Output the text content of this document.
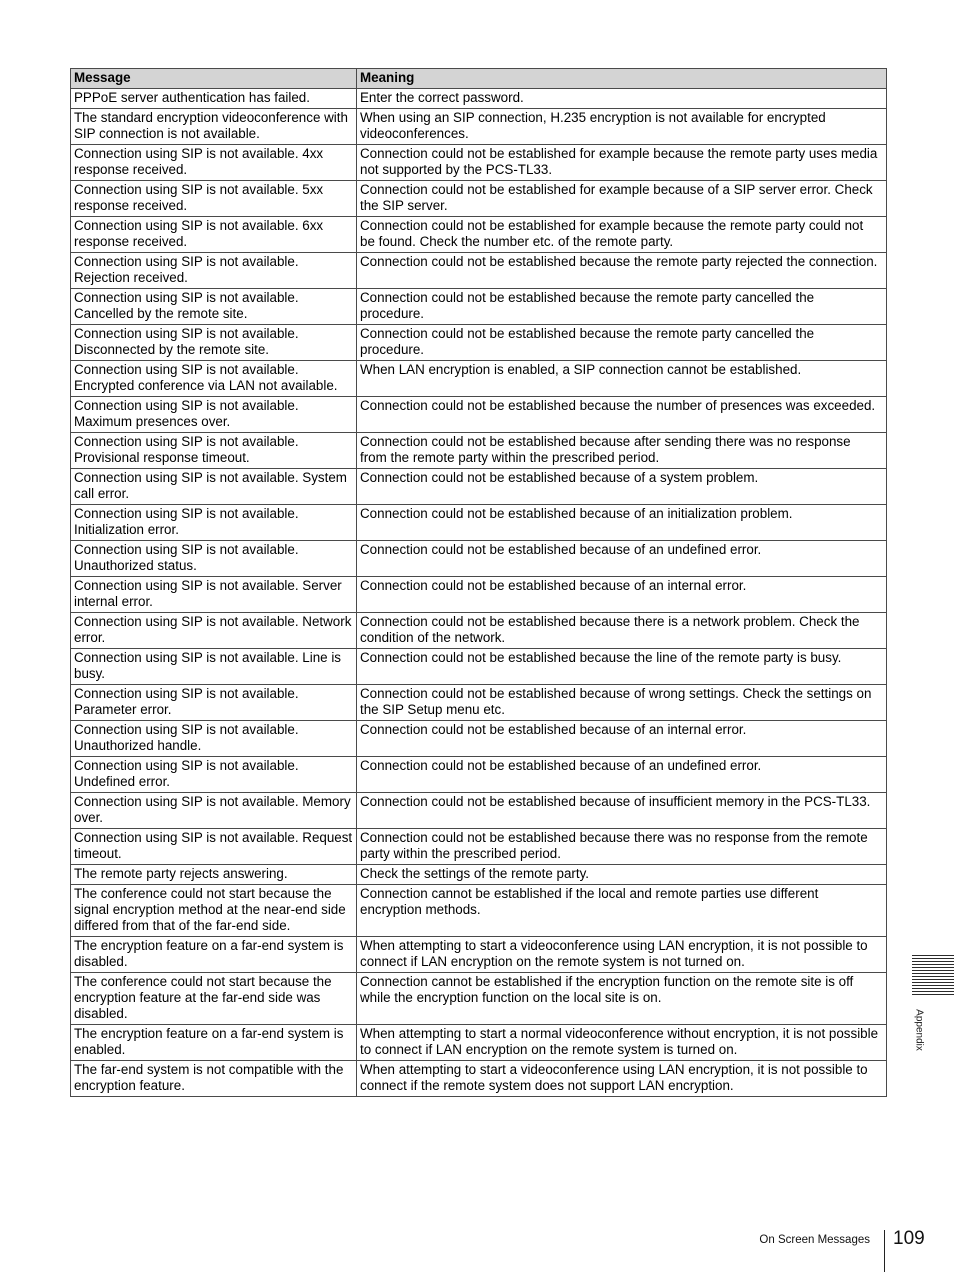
Message	Meaning
PPPoE server authentication has failed.	Enter the correct password.
The standard encryption videoconference with SIP connection is not available.	When using an SIP connection, H.235 encryption is not available for encrypted videoconferences.
Connection using SIP is not available. 4xx response received.	Connection could not be established for example because the remote party uses media not supported by the PCS-TL33.
Connection using SIP is not available. 5xx response received.	Connection could not be established for example because of a SIP server error. Check the SIP server.
Connection using SIP is not available. 6xx response received.	Connection could not be established for example because the remote party could not be found. Check the number etc. of the remote party.
Connection using SIP is not available. Rejection received.	Connection could not be established because the remote party rejected the connection.
Connection using SIP is not available. Cancelled by the remote site.	Connection could not be established because the remote party cancelled the procedure.
Connection using SIP is not available. Disconnected by the remote site.	Connection could not be established because the remote party cancelled the procedure.
Connection using SIP is not available. Encrypted conference via LAN not available.	When LAN encryption is enabled, a SIP connection cannot be established.
Connection using SIP is not available. Maximum presences over.	Connection could not be established because the number of presences was exceeded.
Connection using SIP is not available. Provisional response timeout.	Connection could not be established because after sending there was no response from the remote party within the prescribed period.
Connection using SIP is not available. System call error.	Connection could not be established because of a system problem.
Connection using SIP is not available. Initialization error.	Connection could not be established because of an initialization problem.
Connection using SIP is not available. Unauthorized status.	Connection could not be established because of an undefined error.
Connection using SIP is not available. Server internal error.	Connection could not be established because of an internal error.
Connection using SIP is not available. Network error.	Connection could not be established because there is a network problem. Check the condition of the network.
Connection using SIP is not available. Line is busy.	Connection could not be established because the line of the remote party is busy.
Connection using SIP is not available. Parameter error.	Connection could not be established because of wrong settings. Check the settings on the SIP Setup menu etc.
Connection using SIP is not available. Unauthorized handle.	Connection could not be established because of an internal error.
Connection using SIP is not available. Undefined error.	Connection could not be established because of an undefined error.
Connection using SIP is not available. Memory over.	Connection could not be established because of insufficient memory in the PCS-TL33.
Connection using SIP is not available. Request timeout.	Connection could not be established because there was no response from the remote party within the prescribed period.
The remote party rejects answering.	Check the settings of the remote party.
The conference could not start because the signal encryption method at the near-end side differed from that of the far-end side.	Connection cannot be established if the local and remote parties use different encryption methods.
The encryption feature on a far-end system is disabled.	When attempting to start a videoconference using LAN encryption, it is not possible to connect if LAN encryption on the remote system is not turned on.
The conference could not start because the encryption feature at the far-end side was disabled.	Connection cannot be established if the encryption function on the remote site is off while the encryption function on the local site is on.
The encryption feature on a far-end system is enabled.	When attempting to start a normal videoconference without encryption, it is not possible to connect if LAN encryption on the remote system is turned on.
The far-end system is not compatible with the encryption feature.	When attempting to start a videoconference using LAN encryption, it is not possible to connect if the remote system does not support LAN encryption.
Appendix
On Screen Messages 109
